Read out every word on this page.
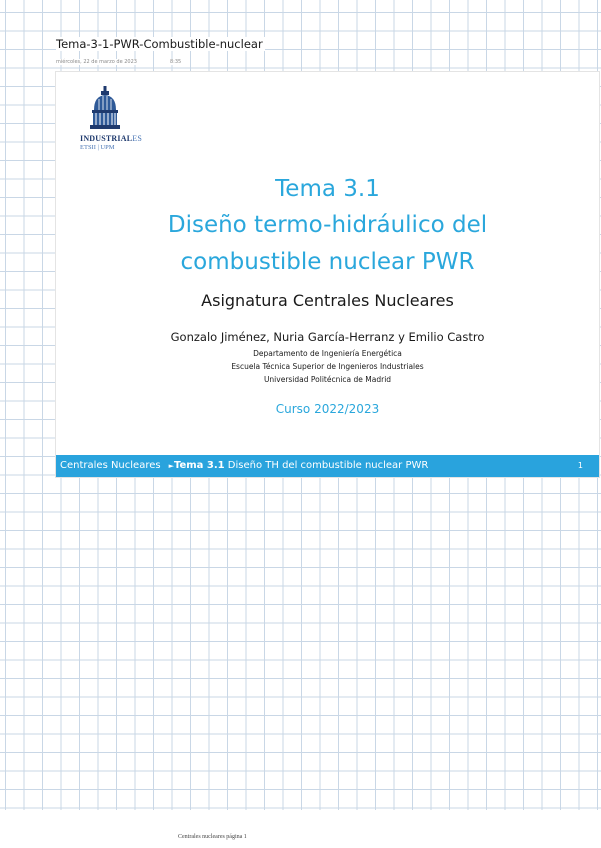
Tema-3-1-PWR-Combustible-nuclear
miércoles, 22 de marzo de 2023	8:35
INDUSTRIALES
ETSII | UPM
Tema 3.1
Diseño termo-hidráulico del
combustible nuclear PWR
Asignatura Centrales Nucleares
Gonzalo Jiménez, Nuria García-Herranz y Emilio Castro
Departamento de Ingeniería Energética
Escuela Técnica Superior de Ingenieros Industriales
Universidad Politécnica de Madrid
Curso 2022/2023
Centrales Nucleares ►Tema 3.1 Diseño TH del combustible nuclear PWR	1
Centrales nucleares página 1
